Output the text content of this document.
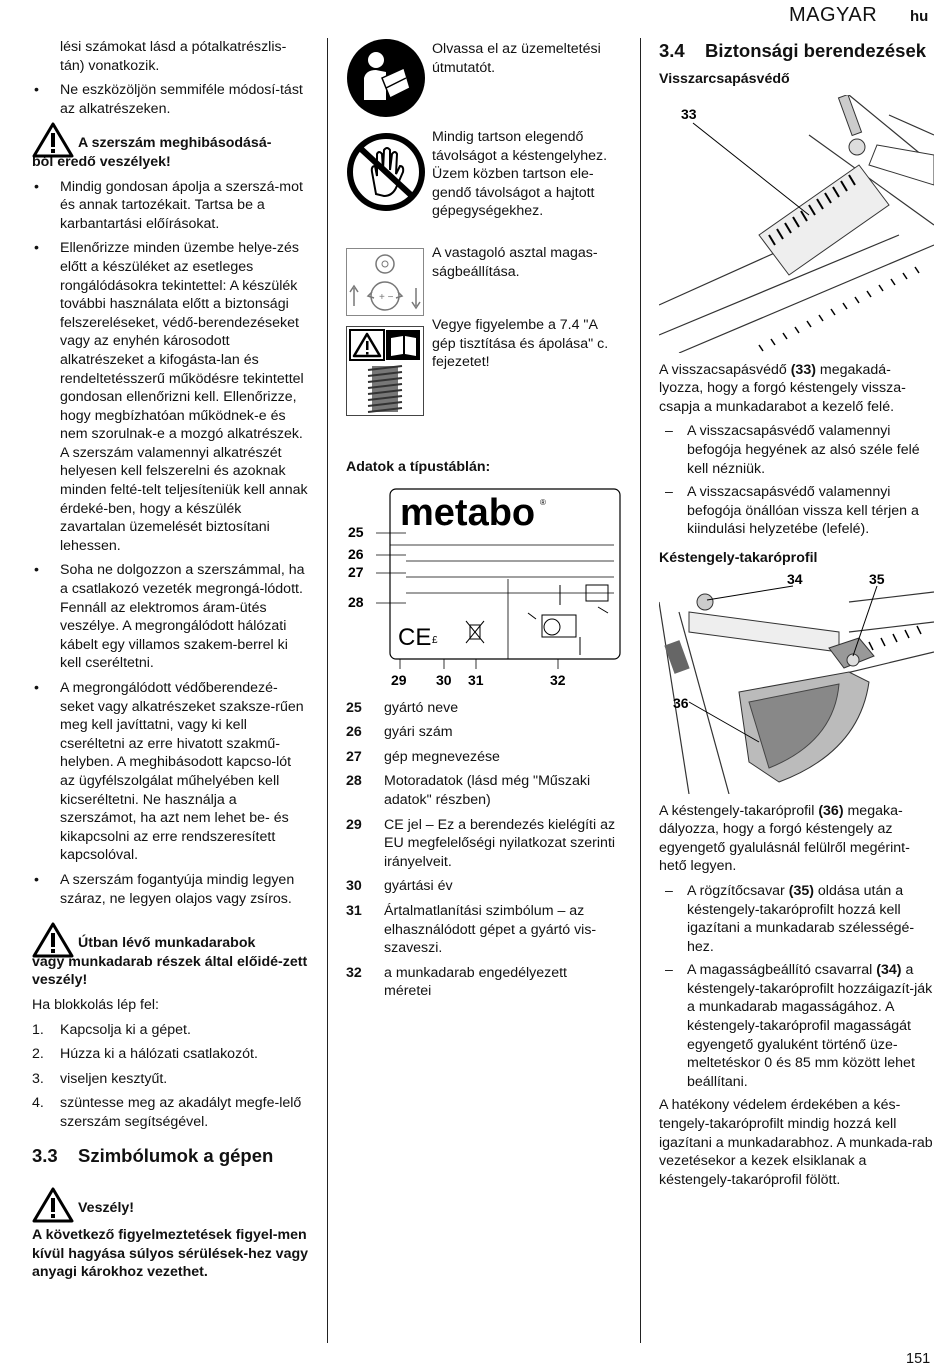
MAGYAR hu

lési számokat lásd a pótalkatrészlis-tán) vonatkozik.

• Ne eszközöljön semmiféle módosí-tást az alkatrészeken.
A szerszám meghibásodásá-
ból eredő veszélyek!
• Mindig gondosan ápolja a szerszá-mot és annak tartozékait. Tartsa be a karbantartási előírásokat.
• Ellenőrizze minden üzembe helye-zés előtt a készüléket az esetleges rongálódásokra tekintettel: A készülék további használata előtt a biztonsági felszereléseket, védő-berendezéseket vagy az enyhén károsodott alkatrészeket a kifogásta-lan és rendeltetésszerű működésre tekintettel gondosan ellenőrizni kell. Ellenőrizze, hogy megbízhatóan működnek-e és nem szorulnak-e a mozgó alkatrészek. A szerszám valamennyi alkatrészét helyesen kell felszerelni és azoknak minden felté-telt teljesíteniük kell annak érdeké-ben, hogy a készülék zavartalan üzemelését biztosítani lehessen.
• Soha ne dolgozzon a szerszámmal, ha a csatlakozó vezeték megrongá-lódott. Fennáll az elektromos áram-ütés veszélye. A megrongálódott hálózati kábelt egy villamos szakem-berrel ki kell cseréltetni.
• A megrongálódott védőberendezé-seket vagy alkatrészeket szaksze-rűen meg kell javíttatni, vagy ki kell cseréltetni az erre hivatott szakmű-helyben. A meghibásodott kapcso-lót az ügyfélszolgálat műhelyében kell kicseréltetni. Ne használja a szerszámot, ha azt nem lehet be- és kikapcsolni az erre rendszeresített kapcsolóval.
• A szerszám fogantyúja mindig legyen száraz, ne legyen olajos vagy zsíros.
Útban lévő munkadarabok
vagy munkadarab részek által előidé-zett veszély!

Ha blokkolás lép fel:

1. Kapcsolja ki a gépet.
2. Húzza ki a hálózati csatlakozót.
3. viseljen kesztyűt.
4. szüntesse meg az akadályt megfe-lelő szerszám segítségével.
3.3 Szimbólumok a gépen
Veszély!

A következő figyelmeztetések figyel-men kívül hagyása súlyos sérülések-hez vagy anyagi károkhoz vezethet.

Olvassa el az üzemeltetési útmutatót.
Mindig tartson elegendő távolságot a késtengelyhez. Üzem közben tartson ele-gendő távolságot a hajtott gépegységekhez.
+ −
A vastagoló asztal magas-ságbeállítása.
Vegye figyelembe a 7.4 "A gép tisztítása és ápolása" c. fejezetet!

Adatok a típustáblán:

metabo ®
CE £
25
26
27
28
29 30 31	32
25 gyártó neve
26 gyári szám
27 gép megnevezése
28 Motoradatok (lásd még "Műszaki adatok" részben)
29 CE jel – Ez a berendezés kielégíti az EU megfelelőségi nyilatkozat szerinti irányelveit.
30 gyártási év
31 Ártalmatlanítási szimbólum – az elhasználódott gépet a gyártó vis-szaveszi.
32 a munkadarab engedélyezett méretei
3.4 Biztonsági berendezések

Visszarcsapásvédő

33

A visszacsapásvédő (33) megakadá-lyozza, hogy a forgó késtengely vissza-csapja a munkadarabot a kezelő felé.

– A visszacsapásvédő valamennyi befogója hegyének az alsó széle felé kell nézniük.
– A visszacsapásvédő valamennyi befogója önállóan vissza kell térjen a kiindulási helyzetébe (lefelé).

Késtengely-takaróprofil

34	35
36

A késtengely-takaróprofil (36) megaka-dályozza, hogy a forgó késtengely az egyengető gyalulásnál felülről megérint-hető legyen.

– A rögzítőcsavar (35) oldása után a késtengely-takaróprofilt hozzá kell igazítani a munkadarab szélességé-hez.
– A magasságbeállító csavarral (34) a késtengely-takaróprofilt hozzáigazít-ják a munkadarab magasságához. A késtengely-takaróprofil magasságát egyengető gyaluként történő üze-meltetéskor 0 és 85 mm között lehet beállítani.

A hatékony védelem érdekében a kés-tengely-takaróprofilt mindig hozzá kell igazítani a munkadarabhoz. A munkada-rab vezetésekor a kezek elsiklanak a késtengely-takaróprofil fölött.

151
